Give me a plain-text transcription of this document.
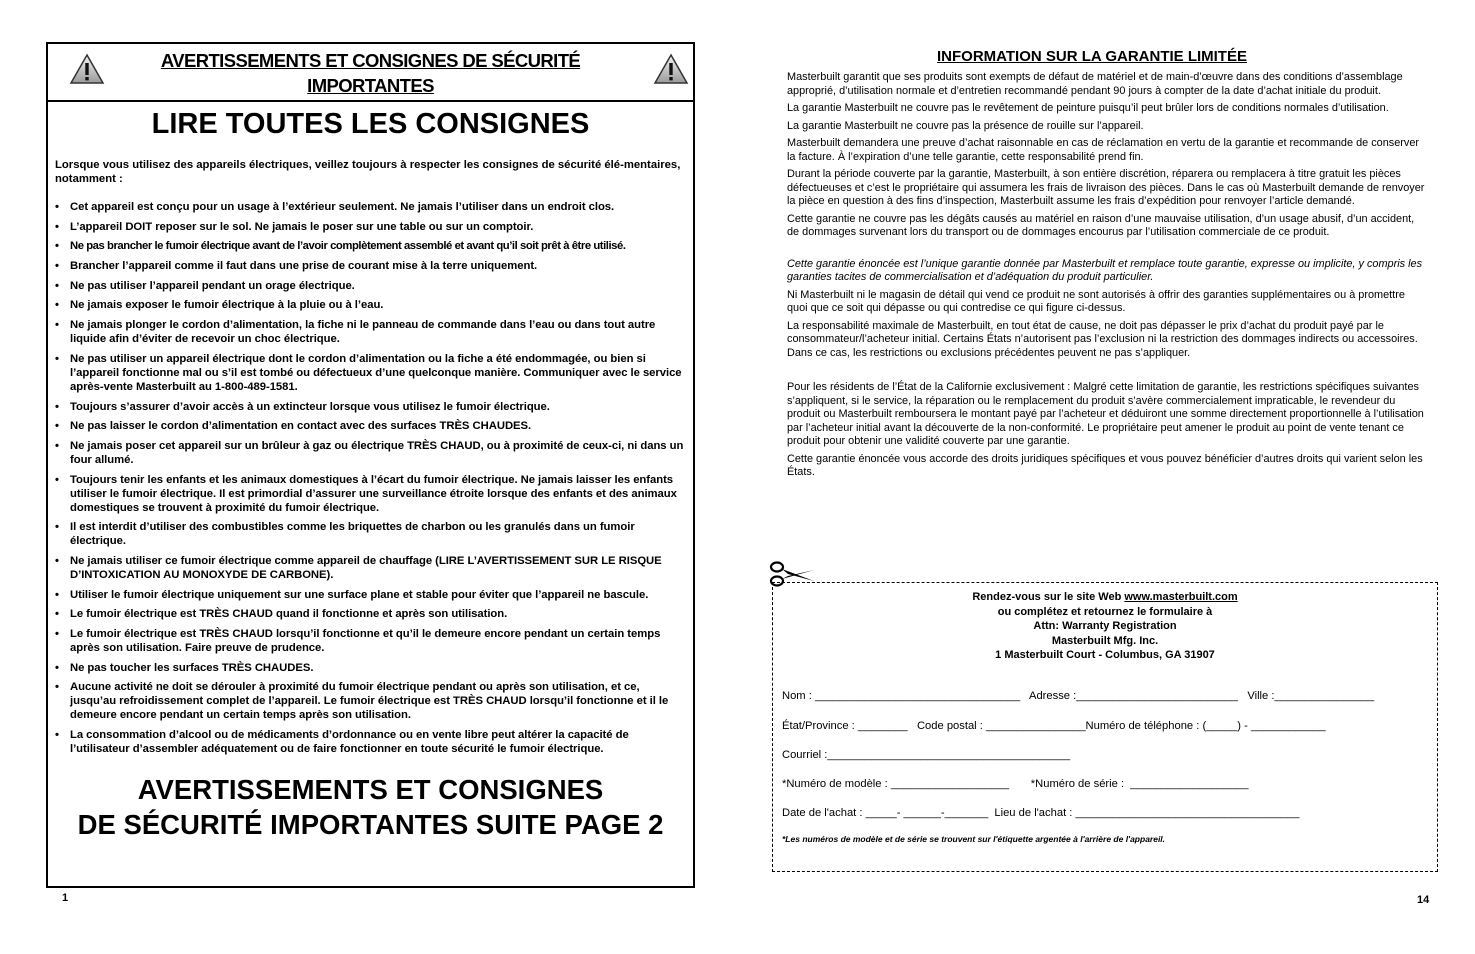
AVERTISSEMENTS ET CONSIGNES DE SÉCURITÉ
IMPORTANTES
LIRE TOUTES LES CONSIGNES
Lorsque vous utilisez des appareils électriques, veillez toujours à respecter les consignes de sécurité élé-mentaires, notamment :
• Cet appareil est conçu pour un usage à l’extérieur seulement. Ne jamais l’utiliser dans un endroit clos.
• L’appareil DOIT reposer sur le sol. Ne jamais le poser sur une table ou sur un comptoir.
• Ne pas brancher le fumoir électrique avant de l’avoir complètement assemblé et avant qu’il soit prêt à être utilisé.
• Brancher l’appareil comme il faut dans une prise de courant mise à la terre uniquement.
• Ne pas utiliser l’appareil pendant un orage électrique.
• Ne jamais exposer le fumoir électrique à la pluie ou à l’eau.
• Ne jamais plonger le cordon d’alimentation, la fiche ni le panneau de commande dans l’eau ou dans tout autre liquide afin d’éviter de recevoir un choc électrique.
• Ne pas utiliser un appareil électrique dont le cordon d’alimentation ou la fiche a été endommagée, ou bien si l’appareil fonctionne mal ou s’il est tombé ou défectueux d’une quelconque manière. Communiquer avec le service après-vente Masterbuilt au 1-800-489-1581.
• Toujours s’assurer d’avoir accès à un extincteur lorsque vous utilisez le fumoir électrique.
• Ne pas laisser le cordon d’alimentation en contact avec des surfaces TRÈS CHAUDES.
• Ne jamais poser cet appareil sur un brûleur à gaz ou électrique TRÈS CHAUD, ou à proximité de ceux-ci, ni dans un four allumé.
• Toujours tenir les enfants et les animaux domestiques à l’écart du fumoir électrique. Ne jamais laisser les enfants utiliser le fumoir électrique. Il est primordial d’assurer une surveillance étroite lorsque des enfants et des animaux domestiques se trouvent à proximité du fumoir électrique.
• Il est interdit d’utiliser des combustibles comme les briquettes de charbon ou les granulés dans un fumoir électrique.
• Ne jamais utiliser ce fumoir électrique comme appareil de chauffage (LIRE L’AVERTISSEMENT SUR LE RISQUE D’INTOXICATION AU MONOXYDE DE CARBONE).
• Utiliser le fumoir électrique uniquement sur une surface plane et stable pour éviter que l’appareil ne bascule.
• Le fumoir électrique est TRÈS CHAUD quand il fonctionne et après son utilisation.
• Le fumoir électrique est TRÈS CHAUD lorsqu’il fonctionne et qu’il le demeure encore pendant un certain temps après son utilisation. Faire preuve de prudence.
• Ne pas toucher les surfaces TRÈS CHAUDES.
• Aucune activité ne doit se dérouler à proximité du fumoir électrique pendant ou après son utilisation, et ce, jusqu’au refroidissement complet de l’appareil. Le fumoir électrique est TRÈS CHAUD lorsqu’il fonctionne et il le demeure encore pendant un certain temps après son utilisation.
• La consommation d’alcool ou de médicaments d’ordonnance ou en vente libre peut altérer la capacité de l’utilisateur d’assembler adéquatement ou de faire fonctionner en toute sécurité le fumoir électrique.
AVERTISSEMENTS ET CONSIGNES
DE SÉCURITÉ IMPORTANTES SUITE PAGE 2
1
INFORMATION SUR LA GARANTIE LIMITÉE

Masterbuilt garantit que ses produits sont exempts de défaut de matériel et de main-d’œuvre dans des conditions d’assemblage approprié, d’utilisation normale et d’entretien recommandé pendant 90 jours à compter de la date d’achat initiale du produit.

La garantie Masterbuilt ne couvre pas le revêtement de peinture puisqu’il peut brûler lors de conditions normales d’utilisation.

La garantie Masterbuilt ne couvre pas la présence de rouille sur l’appareil.

Masterbuilt demandera une preuve d’achat raisonnable en cas de réclamation en vertu de la garantie et recommande de conserver la facture. À l’expiration d’une telle garantie, cette responsabilité prend fin.

Durant la période couverte par la garantie, Masterbuilt, à son entière discrétion, réparera ou remplacera à titre gratuit les pièces défectueuses et c’est le propriétaire qui assumera les frais de livraison des pièces. Dans le cas où Masterbuilt demande de renvoyer la pièce en question à des fins d’inspection, Masterbuilt assume les frais d’expédition pour renvoyer l’article demandé.

Cette garantie ne couvre pas les dégâts causés au matériel en raison d’une mauvaise utilisation, d’un usage abusif, d’un accident, de dommages survenant lors du transport ou de dommages encourus par l’utilisation commerciale de ce produit.

Cette garantie énoncée est l’unique garantie donnée par Masterbuilt et remplace toute garantie, expresse ou implicite, y compris les garanties tacites de commercialisation et d’adéquation du produit particulier.

Ni Masterbuilt ni le magasin de détail qui vend ce produit ne sont autorisés à offrir des garanties supplémentaires ou à promettre quoi que ce soit qui dépasse ou qui contredise ce qui figure ci-dessus.

La responsabilité maximale de Masterbuilt, en tout état de cause, ne doit pas dépasser le prix d’achat du produit payé par le consommateur/l’acheteur initial. Certains États n’autorisent pas l’exclusion ni la restriction des dommages indirects ou accessoires. Dans ce cas, les restrictions ou exclusions précédentes peuvent ne pas s’appliquer.

Pour les résidents de l’État de la Californie exclusivement : Malgré cette limitation de garantie, les restrictions spécifiques suivantes s’appliquent, si le service, la réparation ou le remplacement du produit s’avère commercialement impraticable, le revendeur du produit ou Masterbuilt remboursera le montant payé par l’acheteur et déduiront une somme directement proportionnelle à l’utilisation par l’acheteur initial avant la découverte de la non-conformité. Le propriétaire peut amener le produit au point de vente tenant ce produit pour obtenir une validité couverte par une garantie.

Cette garantie énoncée vous accorde des droits juridiques spécifiques et vous pouvez bénéficier d’autres droits qui varient selon les États.

Rendez-vous sur le site Web www.masterbuilt.com
ou complétez et retournez le formulaire à
Attn: Warranty Registration
Masterbuilt Mfg. Inc.
1 Masterbuilt Court - Columbus, GA 31907
Nom : _________________________________   Adresse :__________________________   Ville :________________
État/Province : ________   Code postal : ________________Numéro de téléphone : (_____) - ____________
Courriel :_______________________________________
*Numéro de modèle : ___________________       *Numéro de série :  ___________________
Date de l'achat : _____- ______-_______  Lieu de l'achat : ____________________________________
*Les numéros de modèle et de série se trouvent sur l'étiquette argentée à l'arrière de l'appareil.
14
